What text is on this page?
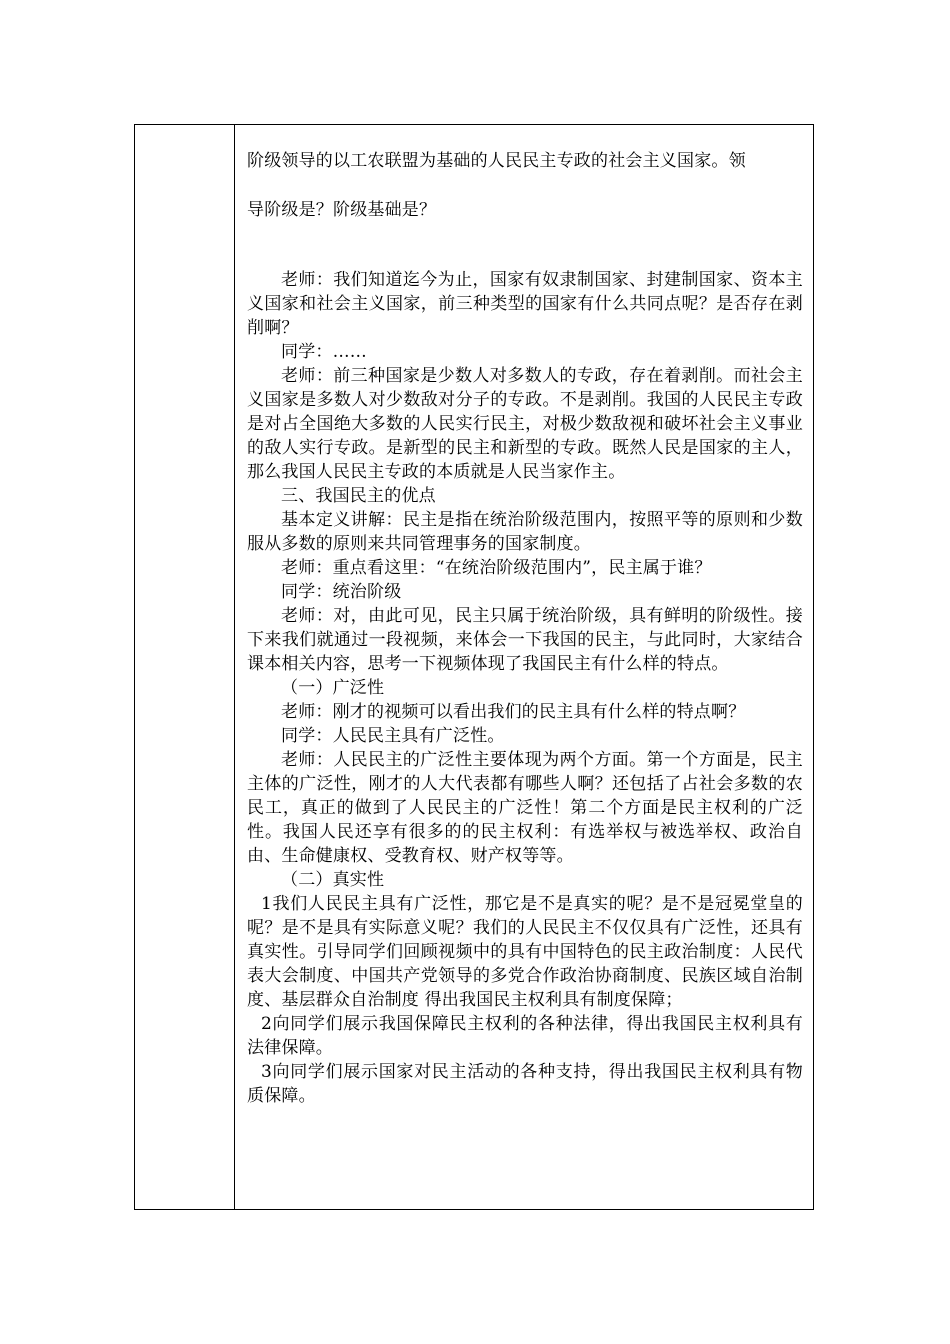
阶级领导的以工农联盟为基础的人民民主专政的社会主义国家。领

导阶级是？阶级基础是？

老师：我们知道迄今为止，国家有奴隶制国家、封建制国家、资本主义国家和社会主义国家，前三种类型的国家有什么共同点呢？是否存在剥削啊？

同学：……

老师：前三种国家是少数人对多数人的专政，存在着剥削。而社会主义国家是多数人对少数敌对分子的专政。不是剥削。我国的人民民主专政是对占全国绝大多数的人民实行民主，对极少数敌视和破坏社会主义事业的敌人实行专政。是新型的民主和新型的专政。既然人民是国家的主人，那么我国人民民主专政的本质就是人民当家作主。

三、我国民主的优点

基本定义讲解：民主是指在统治阶级范围内，按照平等的原则和少数服从多数的原则来共同管理事务的国家制度。

老师：重点看这里：“在统治阶级范围内”，民主属于谁？

同学：统治阶级

老师：对，由此可见，民主只属于统治阶级，具有鲜明的阶级性。接下来我们就通过一段视频，来体会一下我国的民主，与此同时，大家结合课本相关内容，思考一下视频体现了我国民主有什么样的特点。

（一）广泛性

老师：刚才的视频可以看出我们的民主具有什么样的特点啊？

同学：人民民主具有广泛性。

老师：人民民主的广泛性主要体现为两个方面。第一个方面是，民主主体的广泛性，刚才的人大代表都有哪些人啊？还包括了占社会多数的农民工，真正的做到了人民民主的广泛性！第二个方面是民主权利的广泛性。我国人民还享有很多的的民主权利：有选举权与被选举权、政治自由、生命健康权、受教育权、财产权等等。

（二）真实性

1我们人民民主具有广泛性，那它是不是真实的呢？是不是冠冕堂皇的呢？是不是具有实际意义呢？我们的人民民主不仅仅具有广泛性，还具有真实性。引导同学们回顾视频中的具有中国特色的民主政治制度：人民代表大会制度、中国共产党领导的多党合作政治协商制度、民族区域自治制度、基层群众自治制度 得出我国民主权利具有制度保障；

2向同学们展示我国保障民主权利的各种法律，得出我国民主权利具有法律保障。

3向同学们展示国家对民主活动的各种支持，得出我国民主权利具有物质保障。
